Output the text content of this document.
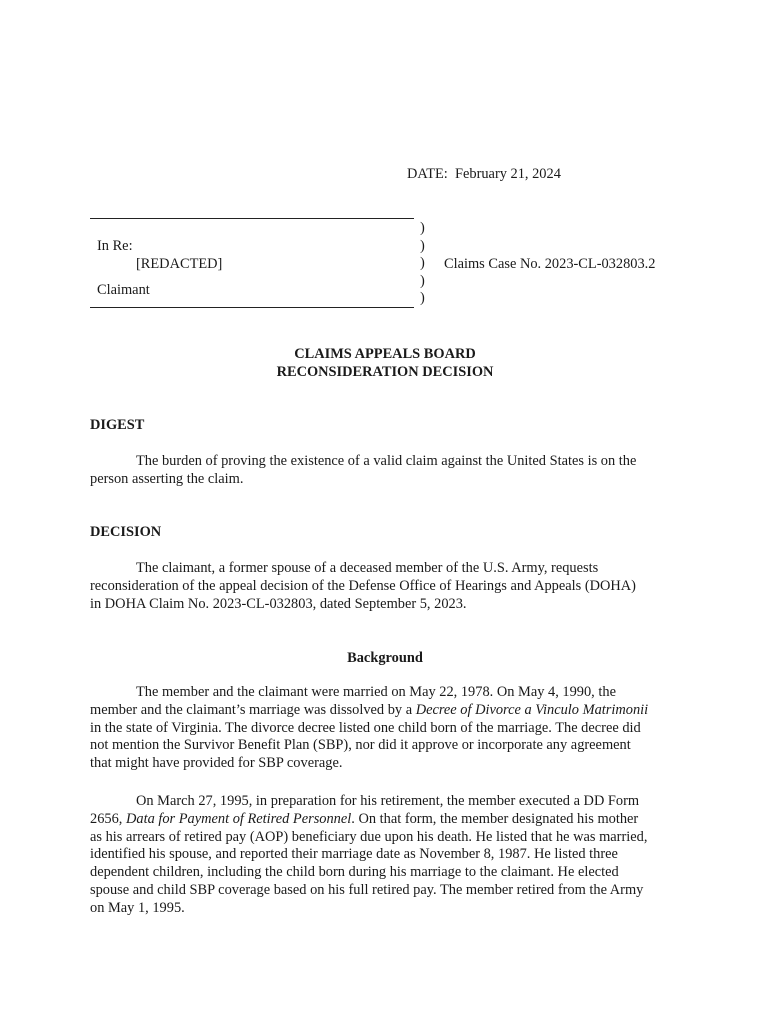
DATE: February 21, 2024
In Re:
[REDACTED]
Claimant
)
)
)
)
)
Claims Case No. 2023-CL-032803.2
CLAIMS APPEALS BOARD
RECONSIDERATION DECISION
DIGEST

The burden of proving the existence of a valid claim against the United States is on the
person asserting the claim.

DECISION

The claimant, a former spouse of a deceased member of the U.S. Army, requests
reconsideration of the appeal decision of the Defense Office of Hearings and Appeals (DOHA)
in DOHA Claim No. 2023-CL-032803, dated September 5, 2023.

Background

The member and the claimant were married on May 22, 1978. On May 4, 1990, the
member and the claimant’s marriage was dissolved by a Decree of Divorce a Vinculo Matrimonii
in the state of Virginia. The divorce decree listed one child born of the marriage. The decree did
not mention the Survivor Benefit Plan (SBP), nor did it approve or incorporate any agreement
that might have provided for SBP coverage.

On March 27, 1995, in preparation for his retirement, the member executed a DD Form
2656, Data for Payment of Retired Personnel. On that form, the member designated his mother
as his arrears of retired pay (AOP) beneficiary due upon his death. He listed that he was married,
identified his spouse, and reported their marriage date as November 8, 1987. He listed three
dependent children, including the child born during his marriage to the claimant. He elected
spouse and child SBP coverage based on his full retired pay. The member retired from the Army
on May 1, 1995.
